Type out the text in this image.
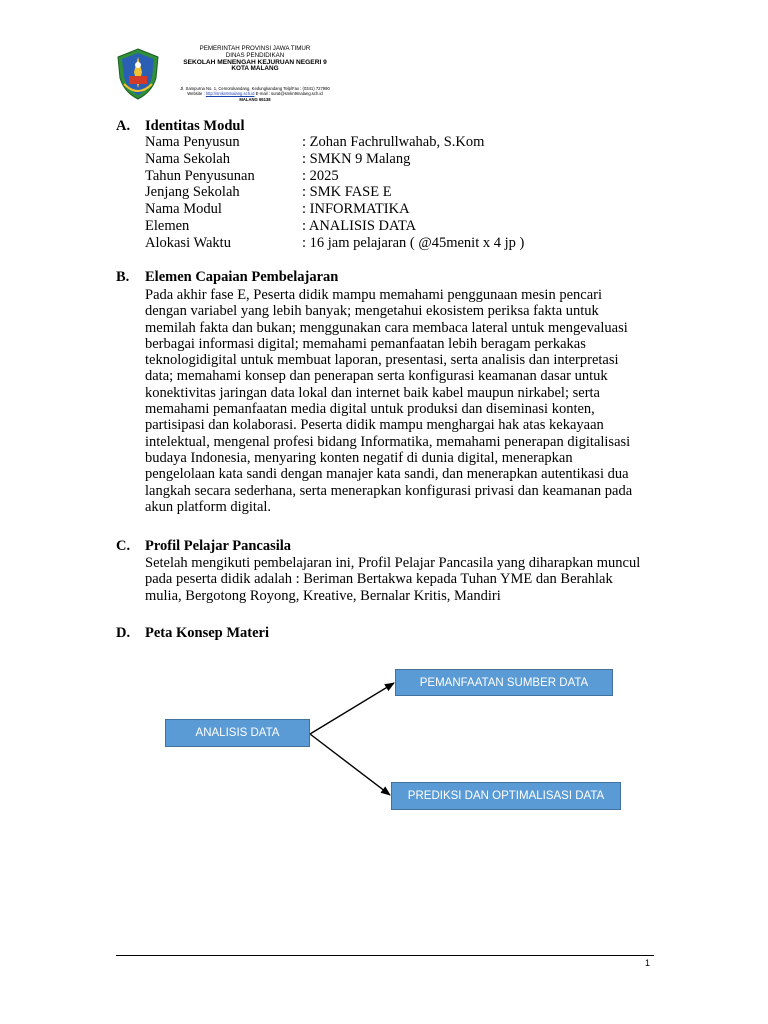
PEMERINTAH PROVINSI JAWA TIMUR
DINAS PENDIDIKAN
SEKOLAH MENENGAH KEJURUAN NEGERI 9
KOTA MALANG
Jl. Sampurna No. 1, Cemorokandang, Kedungkandang Telp/Fax : (0341) 727990
Website : http://smkn9malang.sch.id E-mail : surat@smkn9malang.sch.id
MALANG 65138
A. Identitas Modul
Nama Penyusun	: Zohan Fachrullwahab, S.Kom
Nama Sekolah	: SMKN 9 Malang
Tahun Penyusunan	: 2025
Jenjang Sekolah	: SMK FASE E
Nama Modul	: INFORMATIKA
Elemen	: ANALISIS DATA
Alokasi Waktu	: 16 jam pelajaran ( @45menit x 4 jp )
B. Elemen Capaian Pembelajaran

Pada akhir fase E, Peserta didik mampu memahami penggunaan mesin pencari dengan variabel yang lebih banyak; mengetahui ekosistem periksa fakta untuk memilah fakta dan bukan; menggunakan cara membaca lateral untuk mengevaluasi berbagai informasi digital; memahami pemanfaatan lebih beragam perkakas teknologidigital untuk membuat laporan, presentasi, serta analisis dan interpretasi data; memahami konsep dan penerapan serta konfigurasi keamanan dasar untuk konektivitas jaringan data lokal dan internet baik kabel maupun nirkabel; serta memahami pemanfaatan media digital untuk produksi dan diseminasi konten, partisipasi dan kolaborasi. Peserta didik mampu menghargai hak atas kekayaan intelektual, mengenal profesi bidang Informatika, memahami penerapan digitalisasi budaya Indonesia, menyaring konten negatif di dunia digital, menerapkan pengelolaan kata sandi dengan manajer kata sandi, dan menerapkan autentikasi dua langkah secara sederhana, serta menerapkan konfigurasi privasi dan keamanan pada akun platform digital.

C. Profil Pelajar Pancasila

Setelah mengikuti pembelajaran ini, Profil Pelajar Pancasila yang diharapkan muncul pada peserta didik adalah : Beriman Bertakwa kepada Tuhan YME dan Berahlak mulia, Bergotong Royong, Kreative, Bernalar Kritis, Mandiri

D. Peta Konsep Materi
ANALISIS DATA
PEMANFAATAN SUMBER DATA
PREDIKSI DAN OPTIMALISASI DATA
1
